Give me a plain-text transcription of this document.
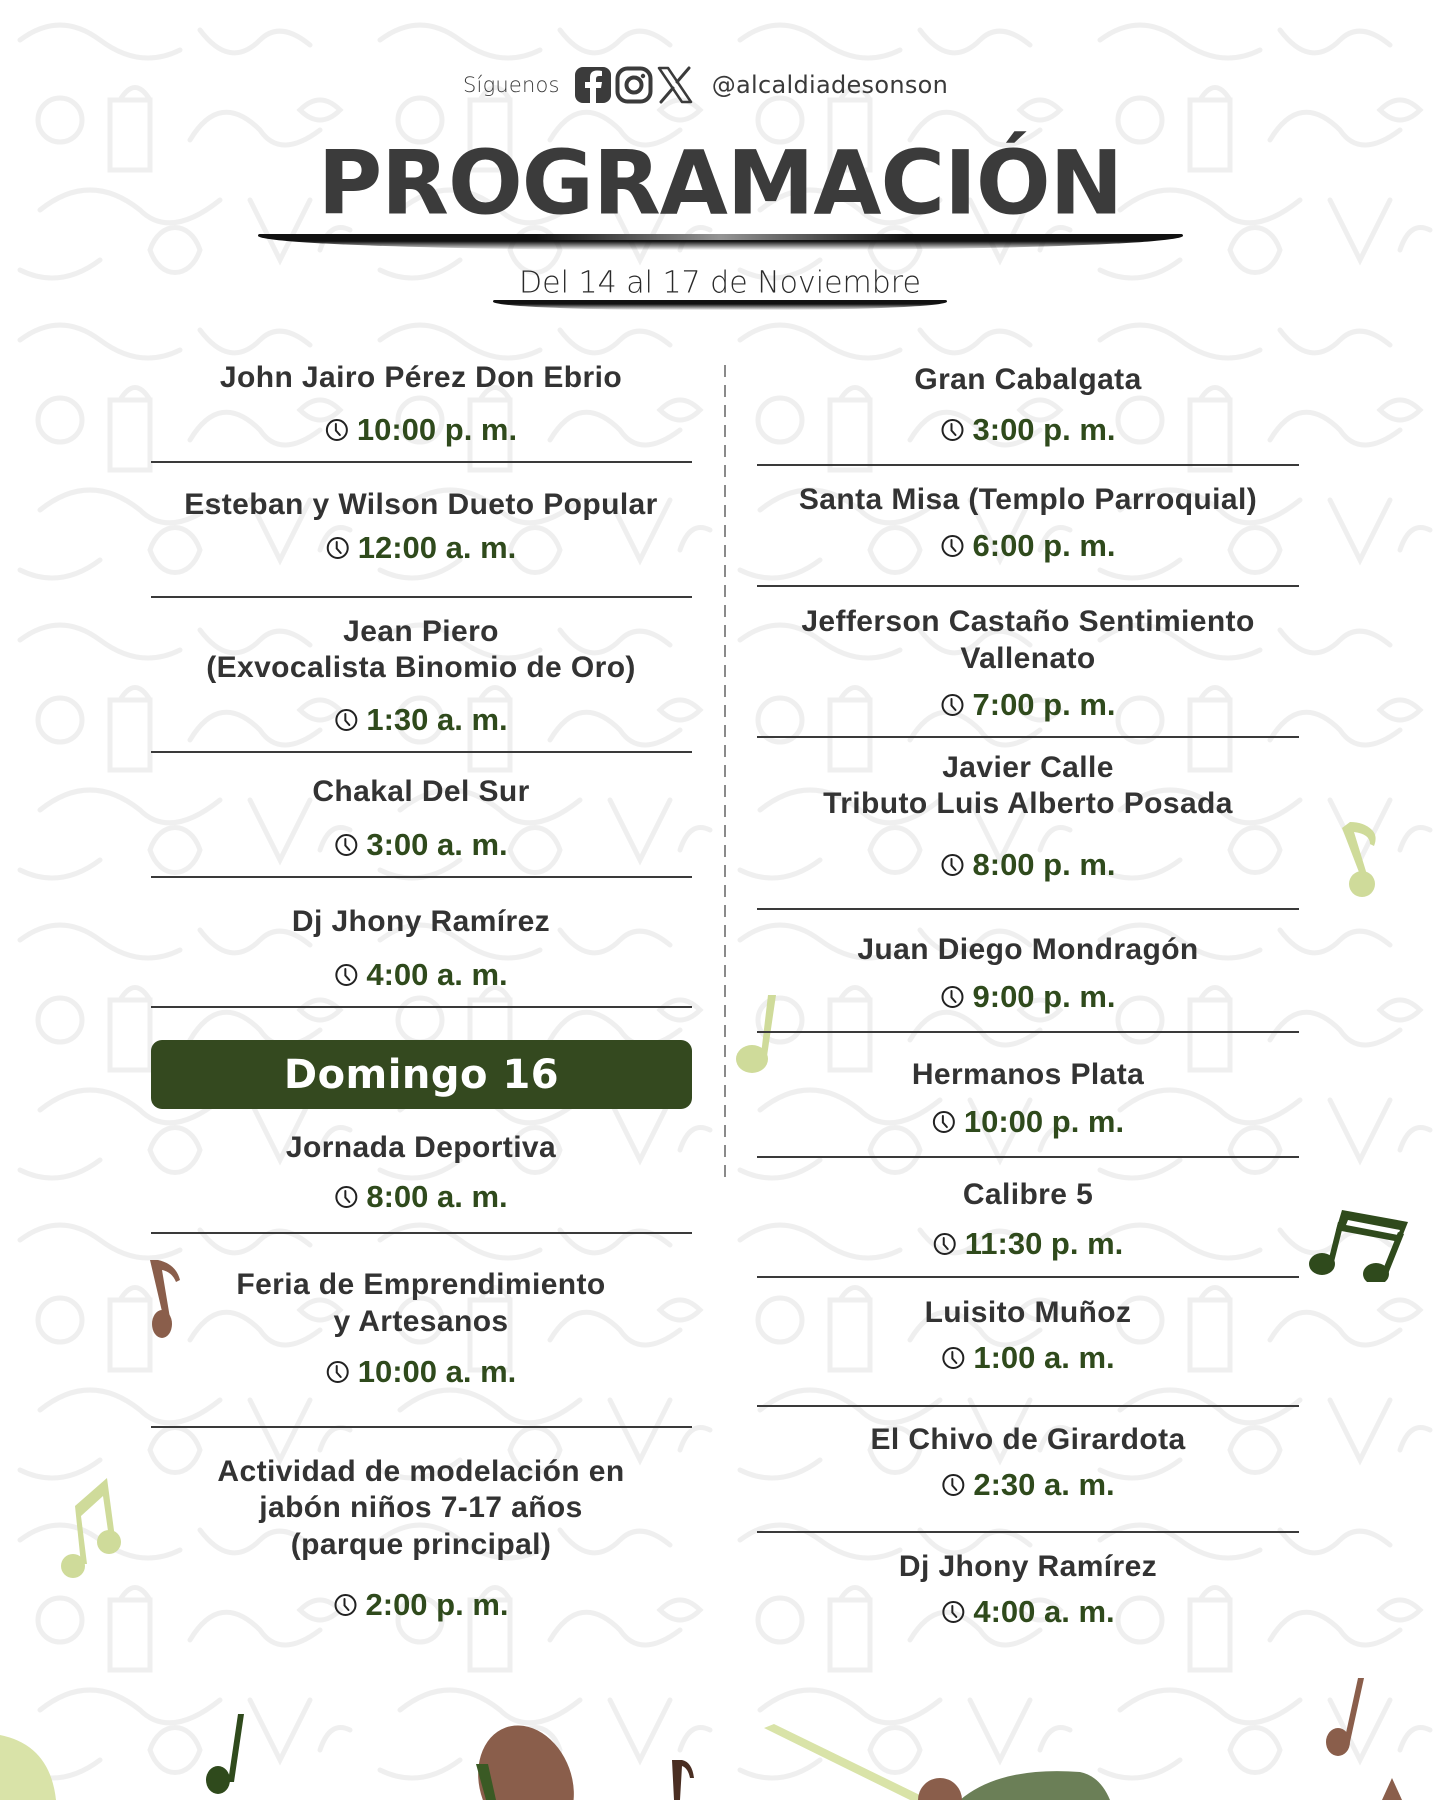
Síguenos	@alcaldiadesonson
PROGRAMACIÓN
Del 14 al 17 de Noviembre
John Jairo Pérez Don Ebrio
10:00 p. m.
Esteban y Wilson Dueto Popular
12:00 a. m.
Jean Piero
(Exvocalista Binomio de Oro)
1:30 a. m.
Chakal Del Sur
3:00 a. m.
Dj Jhony Ramírez
4:00 a. m.
Domingo 16
Jornada Deportiva
8:00 a. m.
Feria de Emprendimiento
y Artesanos
10:00 a. m.
Actividad de modelación en
jabón niños 7-17 años
(parque principal)
2:00 p. m.
Gran Cabalgata
3:00 p. m.
Santa Misa (Templo Parroquial)
6:00 p. m.
Jefferson Castaño Sentimiento
Vallenato
7:00 p. m.
Javier Calle
Tributo Luis Alberto Posada
8:00 p. m.
Juan Diego Mondragón
9:00 p. m.
Hermanos Plata
10:00 p. m.
Calibre 5
11:30 p. m.
Luisito Muñoz
1:00 a. m.
El Chivo de Girardota
2:30 a. m.
Dj Jhony Ramírez
4:00 a. m.
